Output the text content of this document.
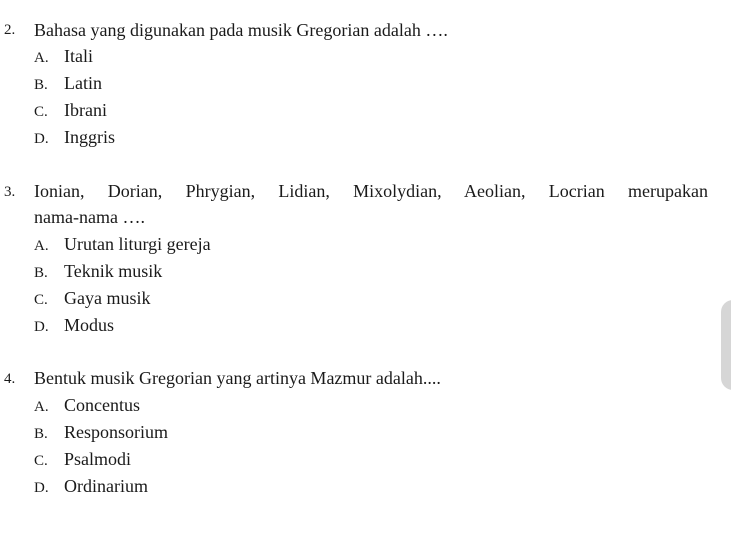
2. Bahasa yang digunakan pada musik Gregorian adalah ….
A. Itali
B. Latin
C. Ibrani
D. Inggris
3. Ionian, Dorian, Phrygian, Lidian, Mixolydian, Aeolian, Locrian merupakan
nama-nama ….
A. Urutan liturgi gereja
B. Teknik musik
C. Gaya musik
D. Modus
4. Bentuk musik Gregorian yang artinya Mazmur adalah....
A. Concentus
B. Responsorium
C. Psalmodi
D. Ordinarium
